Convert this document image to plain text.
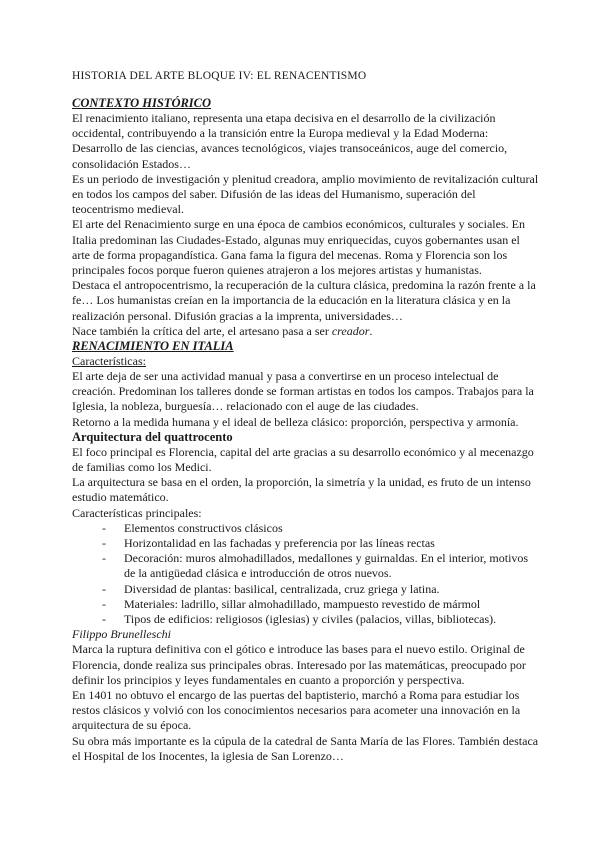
HISTORIA DEL ARTE BLOQUE IV: EL RENACENTISMO
CONTEXTO HISTÓRICO

El renacimiento italiano, representa una etapa decisiva en el desarrollo de la civilización occidental, contribuyendo a la transición entre la Europa medieval y la Edad Moderna: Desarrollo de las ciencias, avances tecnológicos, viajes transoceánicos, auge del comercio, consolidación Estados…

Es un periodo de investigación y plenitud creadora, amplio movimiento de revitalización cultural en todos los campos del saber. Difusión de las ideas del Humanismo, superación del teocentrismo medieval.

El arte del Renacimiento surge en una época de cambios económicos, culturales y sociales. En Italia predominan las Ciudades-Estado, algunas muy enriquecidas, cuyos gobernantes usan el arte de forma propagandística. Gana fama la figura del mecenas. Roma y Florencia son los principales focos porque fueron quienes atrajeron a los mejores artistas y humanistas.

Destaca el antropocentrismo, la recuperación de la cultura clásica, predomina la razón frente a la fe… Los humanistas creían en la importancia de la educación en la literatura clásica y en la realización personal. Difusión gracias a la imprenta, universidades…

Nace también la crítica del arte, el artesano pasa a ser creador.

RENACIMIENTO EN ITALIA
Características:

El arte deja de ser una actividad manual y pasa a convertirse en un proceso intelectual de creación. Predominan los talleres donde se forman artistas en todos los campos. Trabajos para la Iglesia, la nobleza, burguesía… relacionado con el auge de las ciudades.

Retorno a la medida humana y el ideal de belleza clásico: proporción, perspectiva y armonía.

Arquitectura del quattrocento

El foco principal es Florencia, capital del arte gracias a su desarrollo económico y al mecenazgo de familias como los Medici.

La arquitectura se basa en el orden, la proporción, la simetría y la unidad, es fruto de un intenso estudio matemático.

Características principales:

- Elementos constructivos clásicos
- Horizontalidad en las fachadas y preferencia por las líneas rectas
- Decoración: muros almohadillados, medallones y guirnaldas. En el interior, motivos de la antigüedad clásica e introducción de otros nuevos.
- Diversidad de plantas: basilical, centralizada, cruz griega y latina.
- Materiales: ladrillo, sillar almohadillado, mampuesto revestido de mármol
- Tipos de edificios: religiosos (iglesias) y civiles (palacios, villas, bibliotecas).
Filippo Brunelleschi

Marca la ruptura definitiva con el gótico e introduce las bases para el nuevo estilo. Original de Florencia, donde realiza sus principales obras. Interesado por las matemáticas, preocupado por definir los principios y leyes fundamentales en cuanto a proporción y perspectiva.

En 1401 no obtuvo el encargo de las puertas del baptisterio, marchó a Roma para estudiar los restos clásicos y volvió con los conocimientos necesarios para acometer una innovación en la arquitectura de su época.

Su obra más importante es la cúpula de la catedral de Santa María de las Flores. También destaca el Hospital de los Inocentes, la iglesia de San Lorenzo…
